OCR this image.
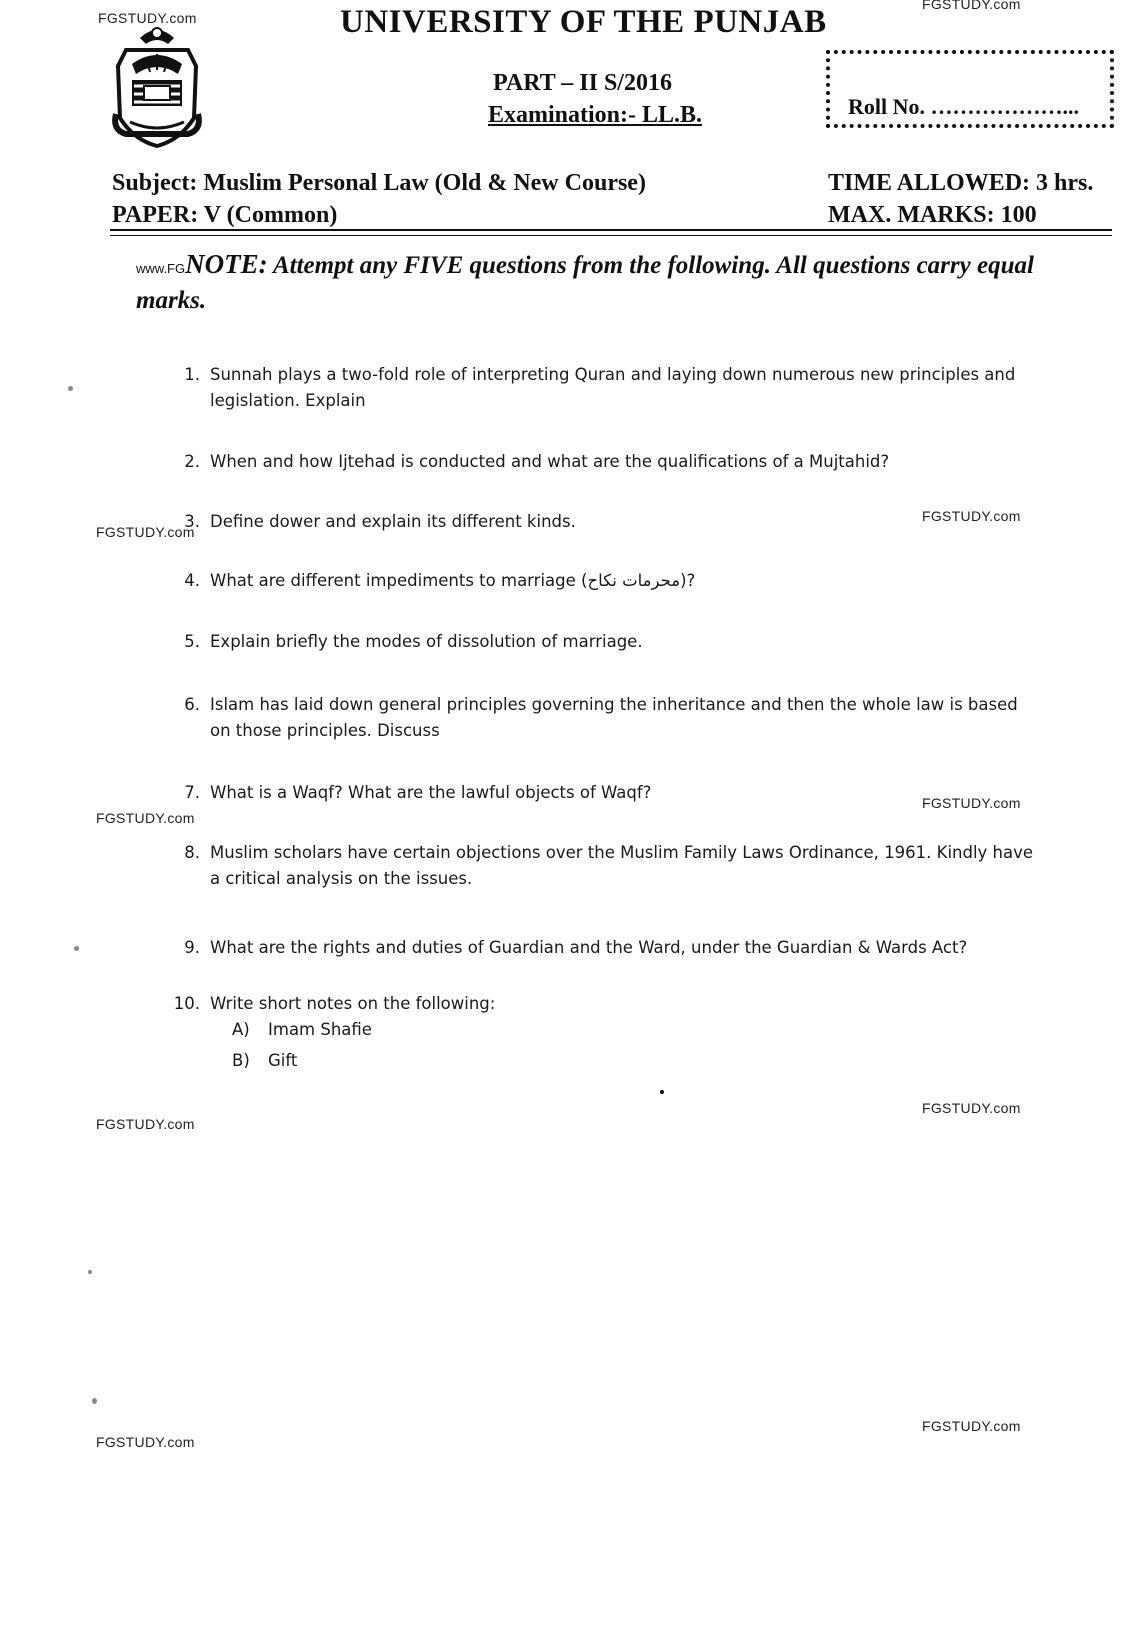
FGSTUDY.com
FGSTUDY.com
FGSTUDY.com
FGSTUDY.com
FGSTUDY.com
FGSTUDY.com
FGSTUDY.com
FGSTUDY.com
FGSTUDY.com
FGSTUDY.com
UNIVERSITY OF THE PUNJAB
PART – II S/2016
Examination:- LL.B.	Roll No. ………………...
Subject: Muslim Personal Law (Old & New Course)
PAPER: V (Common)
TIME ALLOWED: 3 hrs.
MAX. MARKS: 100
www.FGNOTE: Attempt any FIVE questions from the following. All questions carry equal marks.
1. Sunnah plays a two-fold role of interpreting Quran and laying down numerous new principles and legislation. Explain
2. When and how Ijtehad is conducted and what are the qualifications of a Mujtahid?
3. Define dower and explain its different kinds.
4. What are different impediments to marriage (محرمات نکاح)?
5. Explain briefly the modes of dissolution of marriage.
6. Islam has laid down general principles governing the inheritance and then the whole law is based on those principles. Discuss
7. What is a Waqf? What are the lawful objects of Waqf?
8. Muslim scholars have certain objections over the Muslim Family Laws Ordinance, 1961. Kindly have a critical analysis on the issues.
9. What are the rights and duties of Guardian and the Ward, under the Guardian & Wards Act?
10. Write short notes on the following:
A) Imam Shafie
B) Gift
